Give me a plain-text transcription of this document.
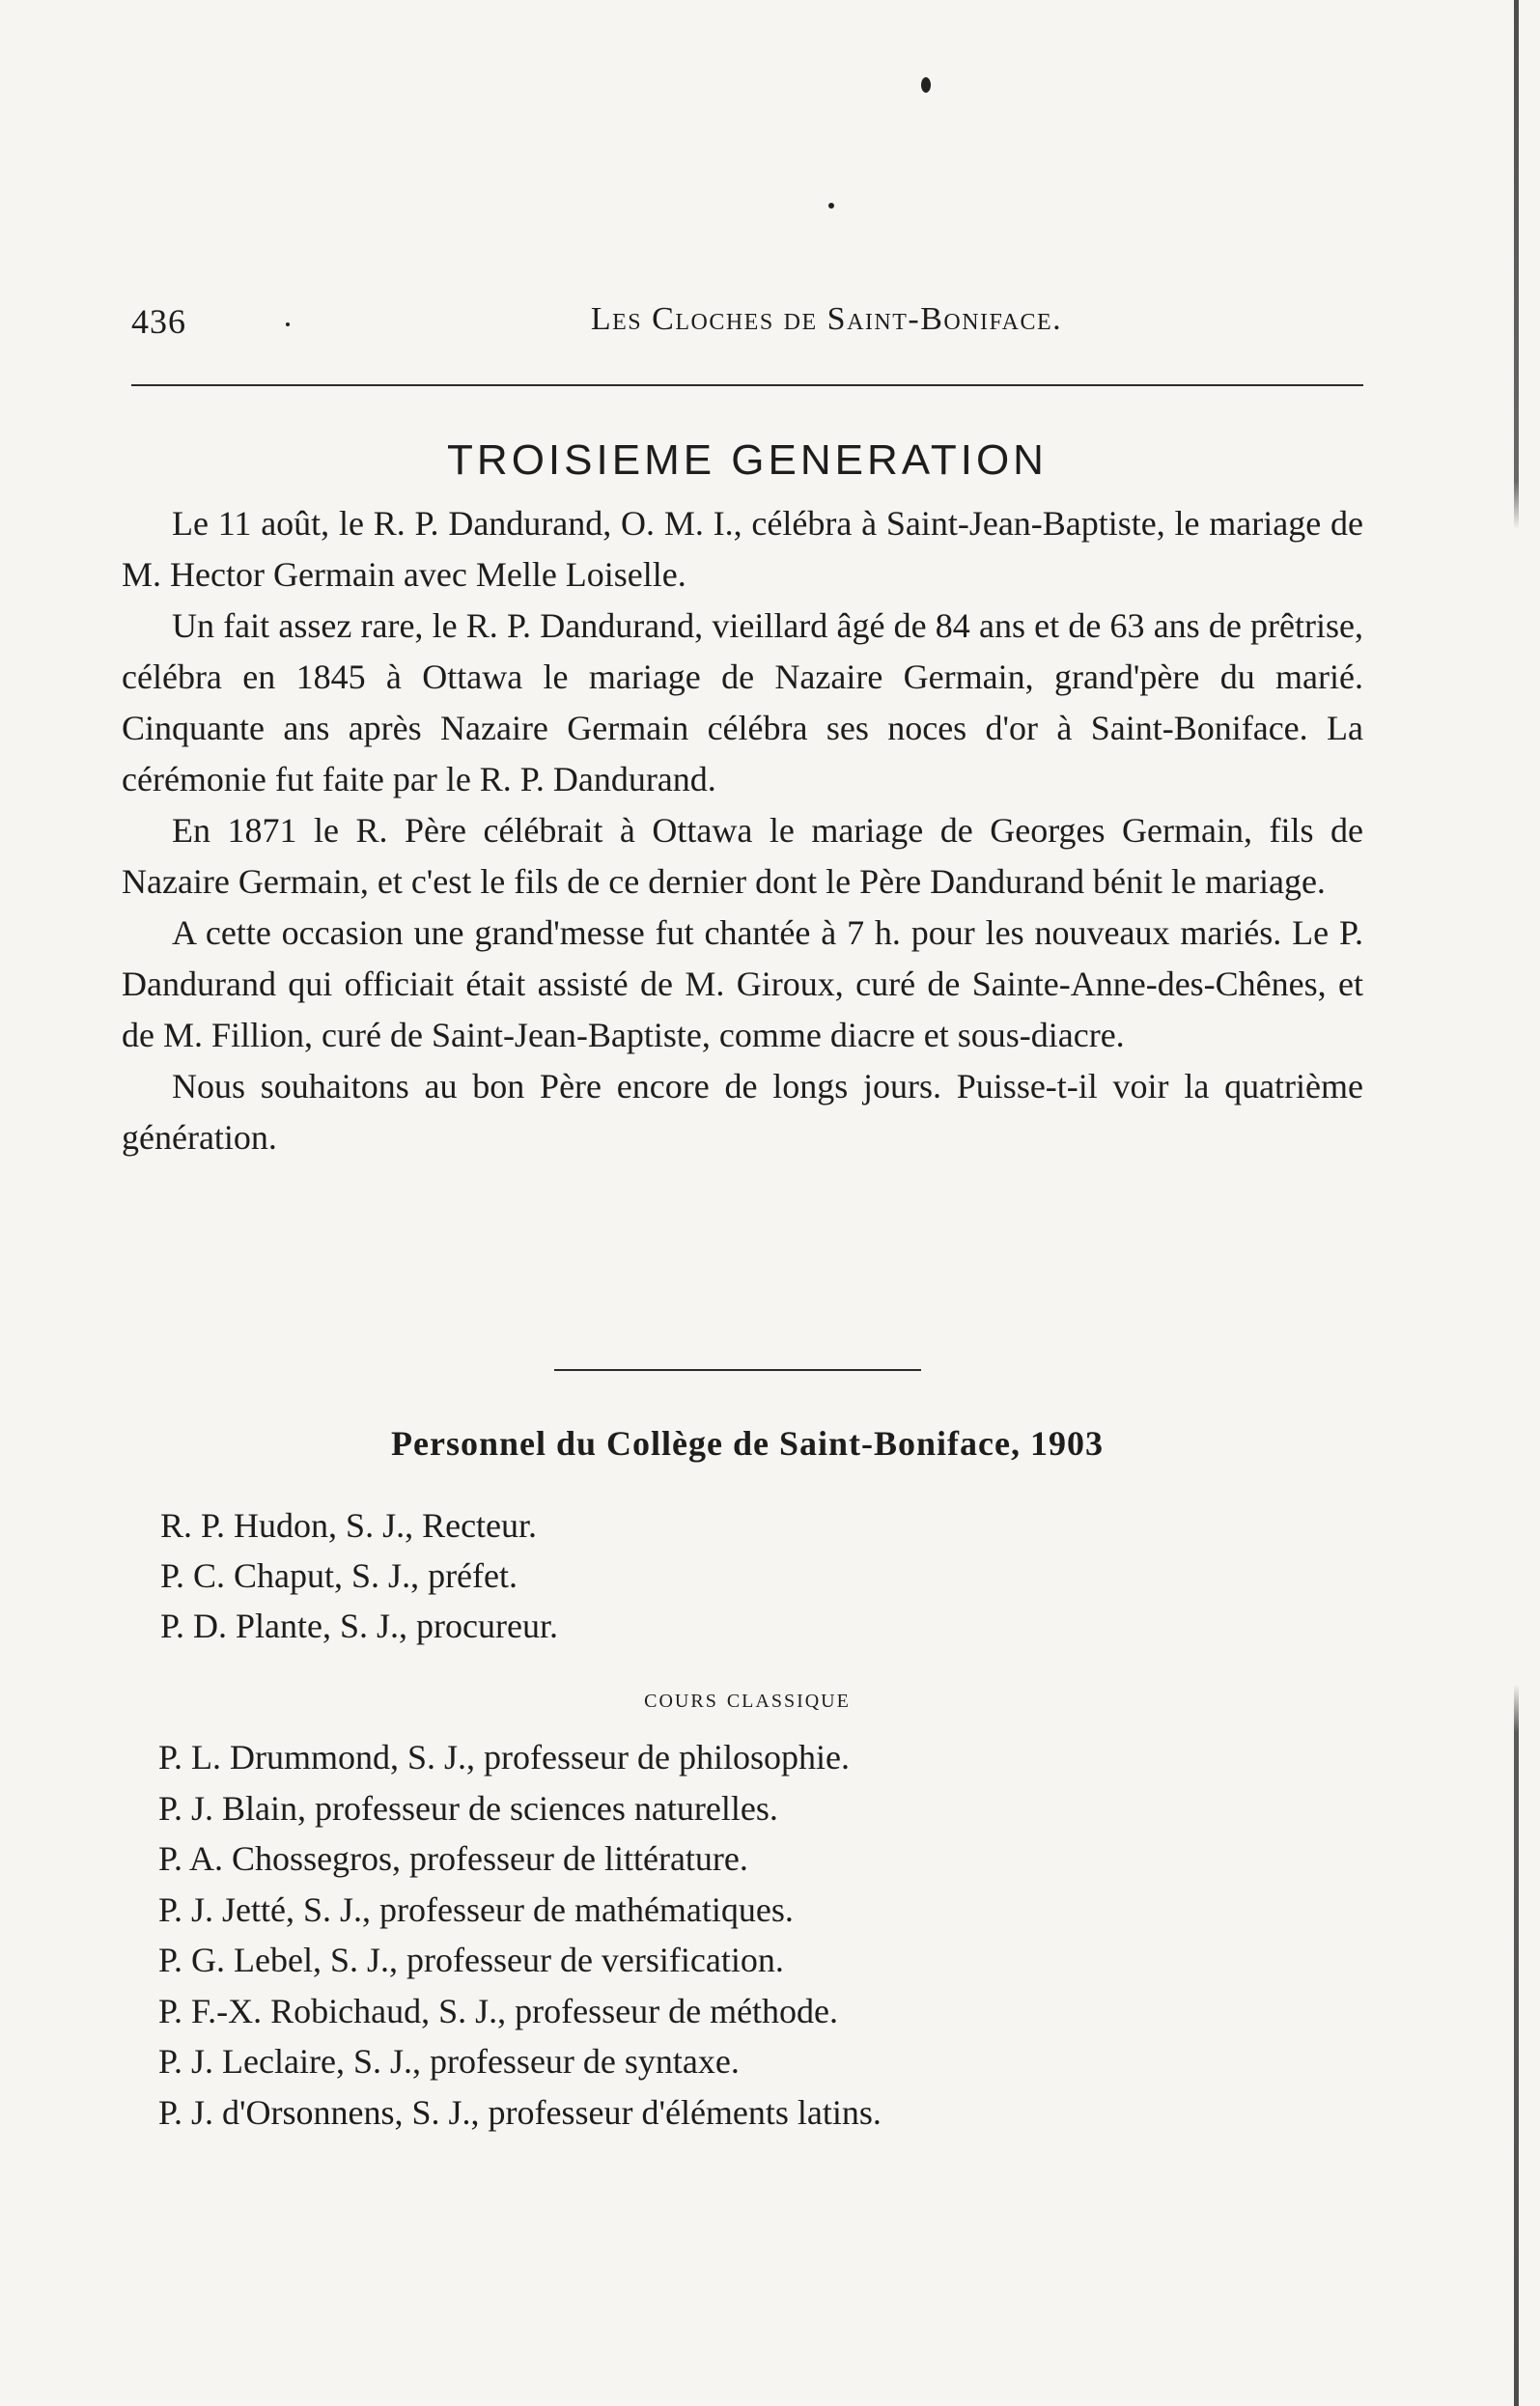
436	Les Cloches de Saint-Boniface.
TROISIEME GENERATION

Le 11 août, le R. P. Dandurand, O. M. I., célébra à Saint-Jean-Baptiste, le mariage de M. Hector Germain avec Melle Loiselle.

Un fait assez rare, le R. P. Dandurand, vieillard âgé de 84 ans et de 63 ans de prêtrise, célébra en 1845 à Ottawa le mariage de Nazaire Germain, grand'père du marié. Cinquante ans après Nazaire Germain célébra ses noces d'or à Saint-Boniface. La cérémonie fut faite par le R. P. Dandurand.

En 1871 le R. Père célébrait à Ottawa le mariage de Georges Germain, fils de Nazaire Germain, et c'est le fils de ce dernier dont le Père Dandurand bénit le mariage.

A cette occasion une grand'messe fut chantée à 7 h. pour les nouveaux mariés. Le P. Dandurand qui officiait était assisté de M. Giroux, curé de Sainte-Anne-des-Chênes, et de M. Fillion, curé de Saint-Jean-Baptiste, comme diacre et sous-diacre.

Nous souhaitons au bon Père encore de longs jours. Puisse-t-il voir la quatrième génération.

Personnel du Collège de Saint-Boniface, 1903
R. P. Hudon, S. J., Recteur.
P. C. Chaput, S. J., préfet.
P. D. Plante, S. J., procureur.
cours classique
P. L. Drummond, S. J., professeur de philosophie.
P. J. Blain, professeur de sciences naturelles.
P. A. Chossegros, professeur de littérature.
P. J. Jetté, S. J., professeur de mathématiques.
P. G. Lebel, S. J., professeur de versification.
P. F.-X. Robichaud, S. J., professeur de méthode.
P. J. Leclaire, S. J., professeur de syntaxe.
P. J. d'Orsonnens, S. J., professeur d'éléments latins.
